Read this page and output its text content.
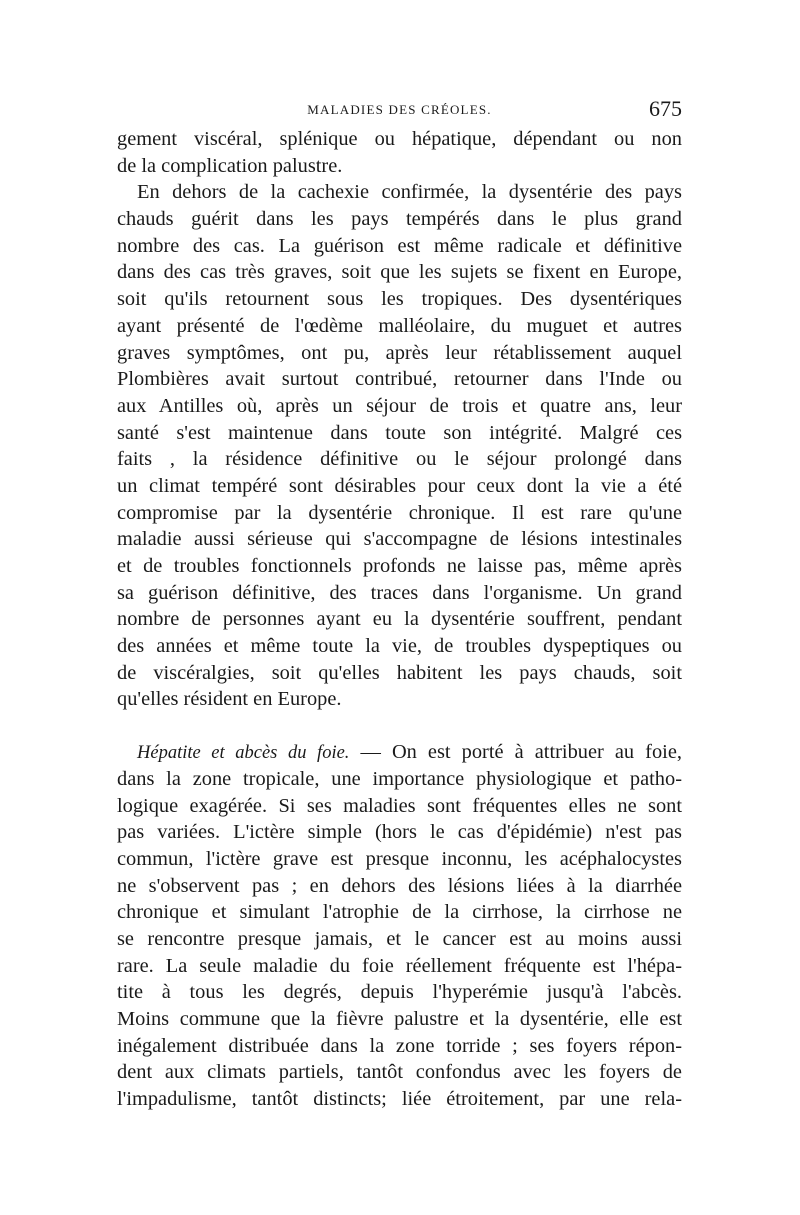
MALADIES DES CRÉOLES.	675
gement viscéral, splénique ou hépatique, dépendant ou non
de la complication palustre.
En dehors de la cachexie confirmée, la dysentérie des pays
chauds guérit dans les pays tempérés dans le plus grand
nombre des cas. La guérison est même radicale et définitive
dans des cas très graves, soit que les sujets se fixent en Europe,
soit qu'ils retournent sous les tropiques. Des dysentériques
ayant présenté de l'œdème malléolaire, du muguet et autres
graves symptômes, ont pu, après leur rétablissement auquel
Plombières avait surtout contribué, retourner dans l'Inde ou
aux Antilles où, après un séjour de trois et quatre ans, leur
santé s'est maintenue dans toute son intégrité. Malgré ces
faits , la résidence définitive ou le séjour prolongé dans
un climat tempéré sont désirables pour ceux dont la vie a été
compromise par la dysentérie chronique. Il est rare qu'une
maladie aussi sérieuse qui s'accompagne de lésions intestinales
et de troubles fonctionnels profonds ne laisse pas, même après
sa guérison définitive, des traces dans l'organisme. Un grand
nombre de personnes ayant eu la dysentérie souffrent, pendant
des années et même toute la vie, de troubles dyspeptiques ou
de viscéralgies, soit qu'elles habitent les pays chauds, soit
qu'elles résident en Europe.
Hépatite et abcès du foie. — On est porté à attribuer au foie,
dans la zone tropicale, une importance physiologique et patho-
logique exagérée. Si ses maladies sont fréquentes elles ne sont
pas variées. L'ictère simple (hors le cas d'épidémie) n'est pas
commun, l'ictère grave est presque inconnu, les acéphalocystes
ne s'observent pas ; en dehors des lésions liées à la diarrhée
chronique et simulant l'atrophie de la cirrhose, la cirrhose ne
se rencontre presque jamais, et le cancer est au moins aussi
rare. La seule maladie du foie réellement fréquente est l'hépa-
tite à tous les degrés, depuis l'hyperémie jusqu'à l'abcès.
Moins commune que la fièvre palustre et la dysentérie, elle est
inégalement distribuée dans la zone torride ; ses foyers répon-
dent aux climats partiels, tantôt confondus avec les foyers de
l'impadulisme, tantôt distincts; liée étroitement, par une rela-
